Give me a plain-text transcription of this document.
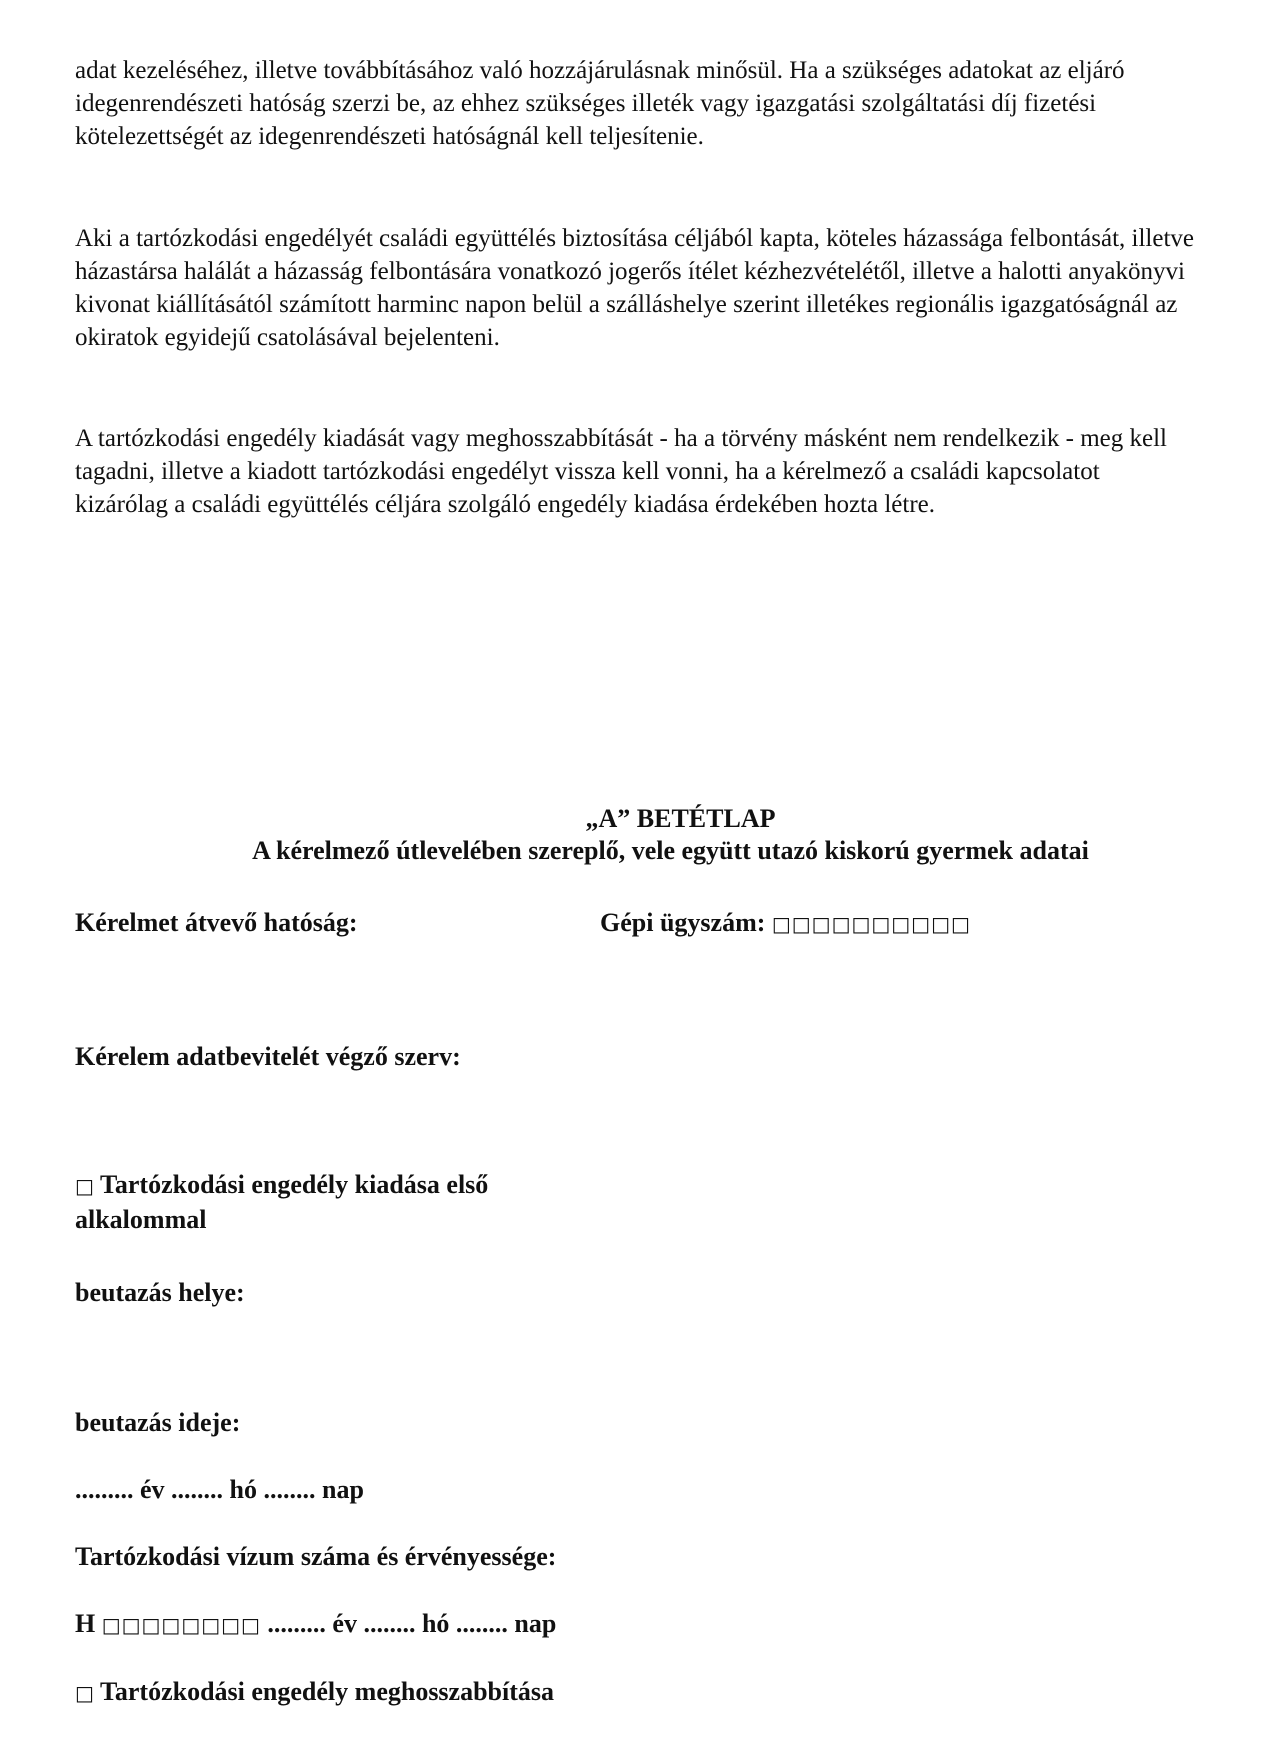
adat kezeléséhez, illetve továbbításához való hozzájárulásnak minősül. Ha a szükséges adatokat az eljáró idegenrendészeti hatóság szerzi be, az ehhez szükséges illeték vagy igazgatási szolgáltatási díj fizetési kötelezettségét az idegenrendészeti hatóságnál kell teljesítenie.

Aki a tartózkodási engedélyét családi együttélés biztosítása céljából kapta, köteles házassága felbontását, illetve házastársa halálát a házasság felbontására vonatkozó jogerős ítélet kézhezvételétől, illetve a halotti anyakönyvi kivonat kiállításától számított harminc napon belül a szálláshelye szerint illetékes regionális igazgatóságnál az okiratok egyidejű csatolásával bejelenteni.

A tartózkodási engedély kiadását vagy meghosszabbítását - ha a törvény másként nem rendelkezik - meg kell tagadni, illetve a kiadott tartózkodási engedélyt vissza kell vonni, ha a kérelmező a családi kapcsolatot kizárólag a családi együttélés céljára szolgáló engedély kiadása érdekében hozta létre.

„A” BETÉTLAP

A kérelmező útlevelében szereplő, vele együtt utazó kiskorú gyermek adatai

Kérelmet átvevő hatóság:	Gépi ügyszám: □□□□□□□□□□

Kérelem adatbevitelét végző szerv:

□ Tartózkodási engedély kiadása első alkalommal

beutazás helye:

beutazás ideje:

......... év ........ hó ........ nap

Tartózkodási vízum száma és érvényessége:

H □□□□□□□□ ......... év ........ hó ........ nap

□ Tartózkodási engedély meghosszabbítása
